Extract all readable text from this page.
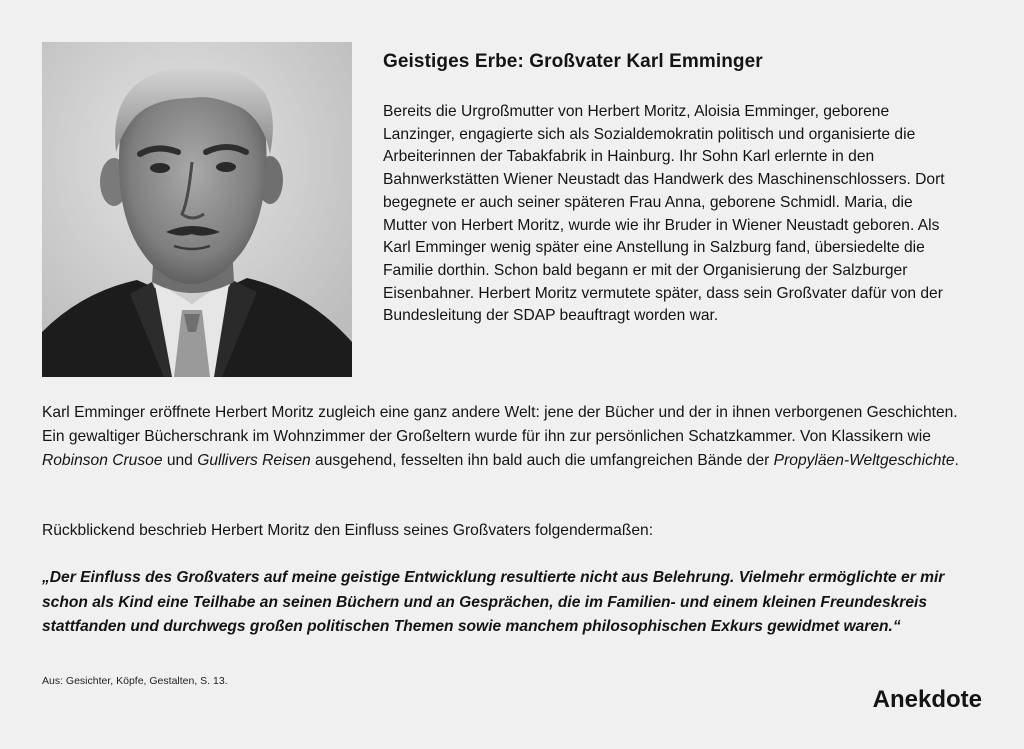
Geistiges Erbe: Großvater Karl Emminger

Bereits die Urgroßmutter von Herbert Moritz, Aloisia Emminger, geborene Lanzinger, engagierte sich als Sozialdemokratin politisch und organisierte die Arbeiterinnen der Tabakfabrik in Hainburg. Ihr Sohn Karl erlernte in den Bahnwerkstätten Wiener Neustadt das Handwerk des Maschinenschlossers. Dort begegnete er auch seiner späteren Frau Anna, geborene Schmidl. Maria, die Mutter von Herbert Moritz, wurde wie ihr Bruder in Wiener Neustadt geboren. Als Karl Emminger wenig später eine Anstellung in Salzburg fand, übersiedelte die Familie dorthin. Schon bald begann er mit der Organisierung der Salzburger Eisenbahner. Herbert Moritz vermutete später, dass sein Großvater dafür von der Bundesleitung der SDAP beauftragt worden war.

Karl Emminger eröffnete Herbert Moritz zugleich eine ganz andere Welt: jene der Bücher und der in ihnen verborgenen Geschichten. Ein gewaltiger Bücherschrank im Wohnzimmer der Großeltern wurde für ihn zur persönlichen Schatzkammer. Von Klassikern wie Robinson Crusoe und Gullivers Reisen ausgehend, fesselten ihn bald auch die umfangreichen Bände der Propyläen-Weltgeschichte.

Rückblickend beschrieb Herbert Moritz den Einfluss seines Großvaters folgendermaßen:

„Der Einfluss des Großvaters auf meine geistige Entwicklung resultierte nicht aus Belehrung. Vielmehr ermöglichte er mir schon als Kind eine Teilhabe an seinen Büchern und an Gesprächen, die im Familien- und einem kleinen Freundeskreis stattfanden und durchwegs großen politischen Themen sowie manchem philosophischen Exkurs gewidmet waren.“

Aus: Gesichter, Köpfe, Gestalten, S. 13.

Anekdote
